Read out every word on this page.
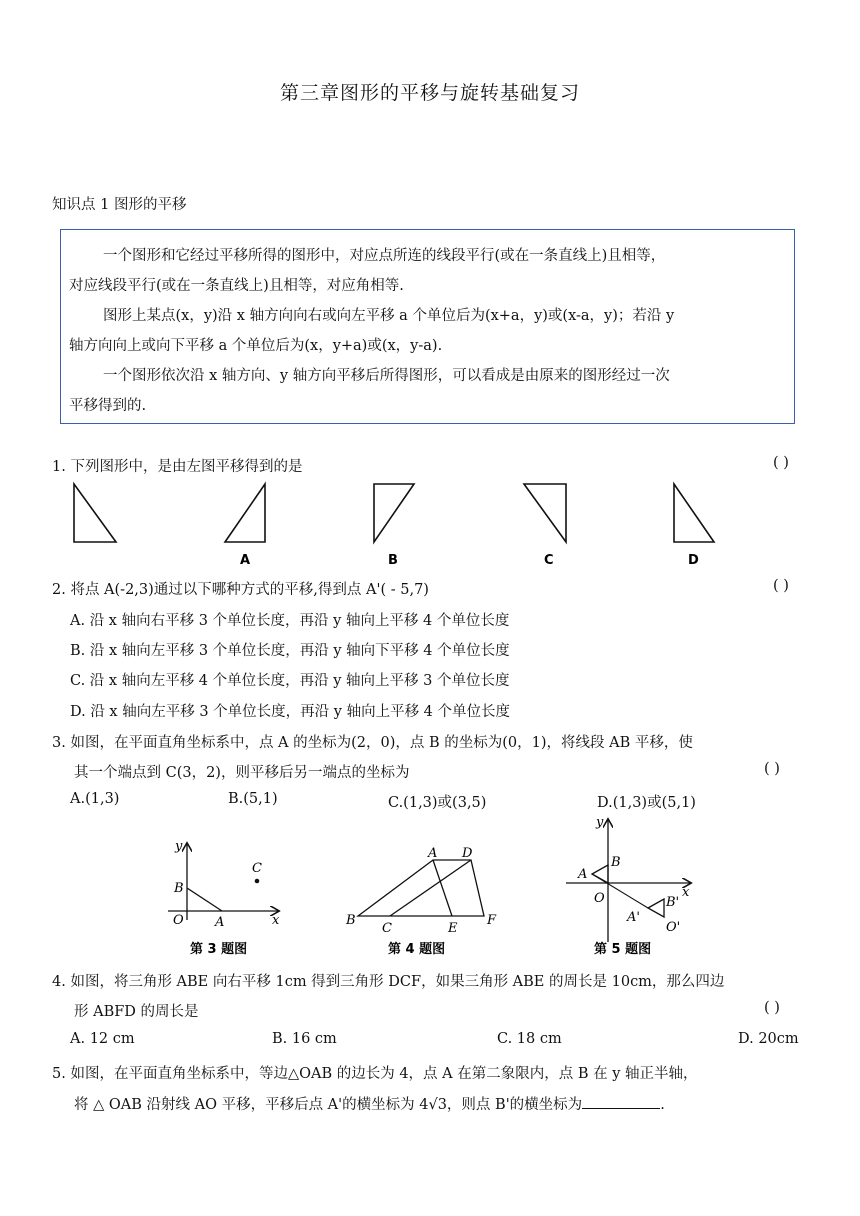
第三章图形的平移与旋转基础复习
知识点 1 图形的平移

一个图形和它经过平移所得的图形中，对应点所连的线段平行(或在一条直线上)且相等，

对应线段平行(或在一条直线上)且相等，对应角相等.

图形上某点(x，y)沿 x 轴方向向右或向左平移 a 个单位后为(x+a，y)或(x-a，y)；若沿 y

轴方向向上或向下平移 a 个单位后为(x，y+a)或(x，y-a).

一个图形依次沿 x 轴方向、y 轴方向平移后所得图形，可以看成是由原来的图形经过一次

平移得到的.

1. 下列图形中，是由左图平移得到的是	( )
A	B	C	D
2. 将点 A(-2,3)通过以下哪种方式的平移,得到点 A'( - 5,7)	( )
A. 沿 x 轴向右平移 3 个单位长度，再沿 y 轴向上平移 4 个单位长度
B. 沿 x 轴向左平移 3 个单位长度，再沿 y 轴向下平移 4 个单位长度
C. 沿 x 轴向左平移 4 个单位长度，再沿 y 轴向上平移 3 个单位长度
D. 沿 x 轴向左平移 3 个单位长度，再沿 y 轴向上平移 4 个单位长度
3. 如图，在平面直角坐标系中，点 A 的坐标为(2，0)，点 B 的坐标为(0，1)，将线段 AB 平移，使
其一个端点到 C(3，2)，则平移后另一端点的坐标为	( )
A.(1,3)	B.(5,1)	C.(1,3)或(3,5)	D.(1,3)或(5,1)
y
x
O A
B
C
第 3 题图
A D
B
C	E
F
第 4 题图
y
x
O
A
B
A'
B'
O'
第 5 题图
4. 如图，将三角形 ABE 向右平移 1cm 得到三角形 DCF，如果三角形 ABE 的周长是 10cm，那么四边
形 ABFD 的周长是	( )
A. 12 cm	B. 16 cm	C. 18 cm	D. 20cm
5. 如图，在平面直角坐标系中，等边△OAB 的边长为 4，点 A 在第二象限内，点 B 在 y 轴正半轴，
将 △ OAB 沿射线 AO 平移，平移后点 A'的横坐标为 4√3，则点 B'的横坐标为	.
